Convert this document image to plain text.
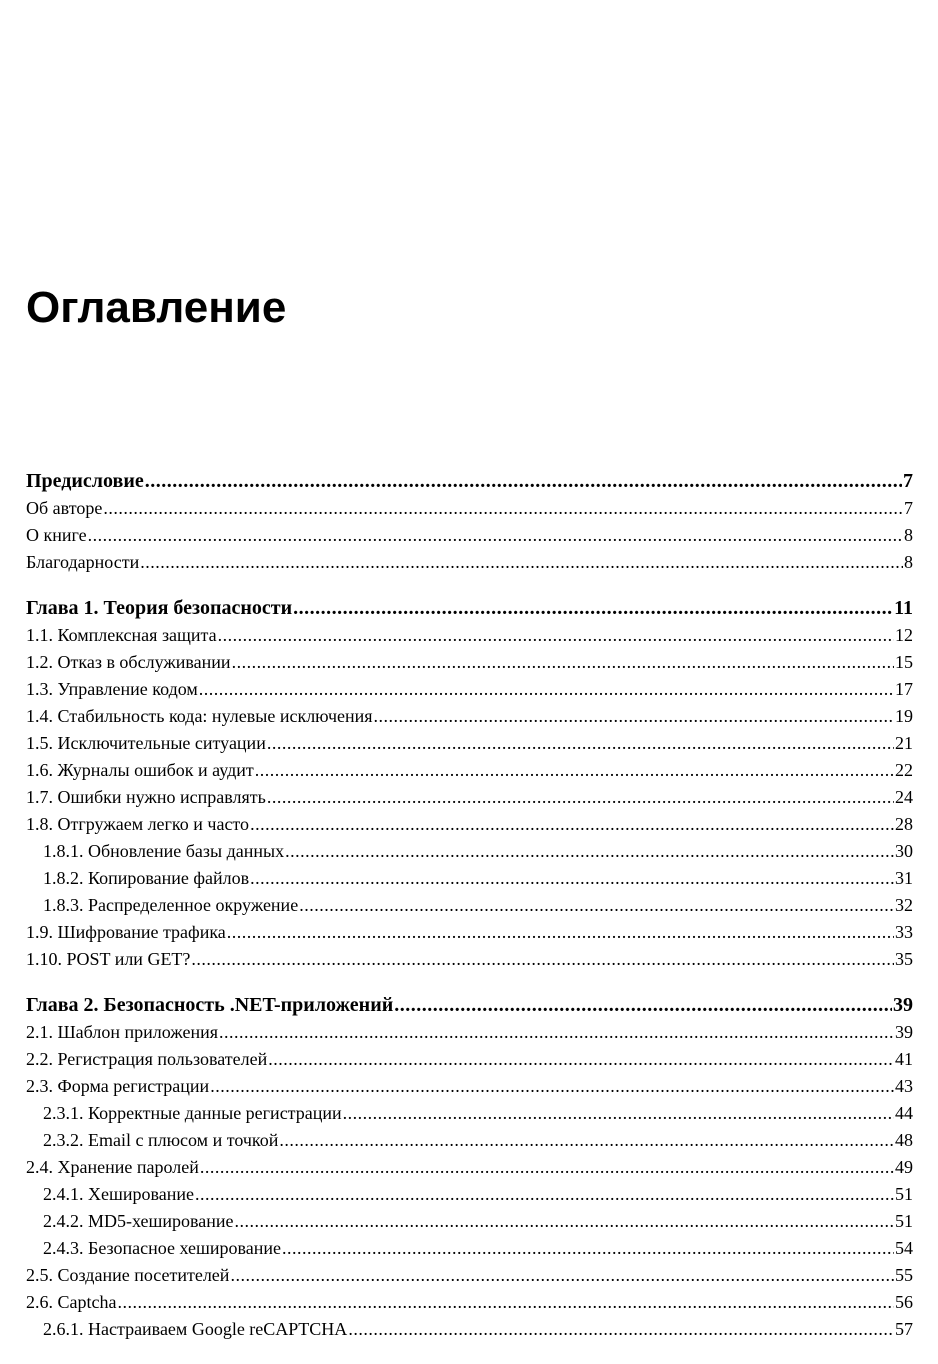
Оглавление
Предисловие .....	7
Об авторе .....	7
О книге .....	8
Благодарности .....	8
Глава 1. Теория безопасности .....	11
1.1. Комплексная защита .....	12
1.2. Отказ в обслуживании .....	15
1.3. Управление кодом .....	17
1.4. Стабильность кода: нулевые исключения .....	19
1.5. Исключительные ситуации .....	21
1.6. Журналы ошибок и аудит .....	22
1.7. Ошибки нужно исправлять .....	24
1.8. Отгружаем легко и часто .....	28
1.8.1. Обновление базы данных .....	30
1.8.2. Копирование файлов .....	31
1.8.3. Распределенное окружение .....	32
1.9. Шифрование трафика .....	33
1.10. POST или GET? .....	35
Глава 2. Безопасность .NET-приложений .....	39
2.1. Шаблон приложения .....	39
2.2. Регистрация пользователей .....	41
2.3. Форма регистрации .....	43
2.3.1. Корректные данные регистрации .....	44
2.3.2. Email с плюсом и точкой .....	48
2.4. Хранение паролей .....	49
2.4.1. Хеширование .....	51
2.4.2. MD5-хеширование .....	51
2.4.3. Безопасное хеширование .....	54
2.5. Создание посетителей .....	55
2.6. Captcha .....	56
2.6.1. Настраиваем Google reCAPTCHA .....	57
